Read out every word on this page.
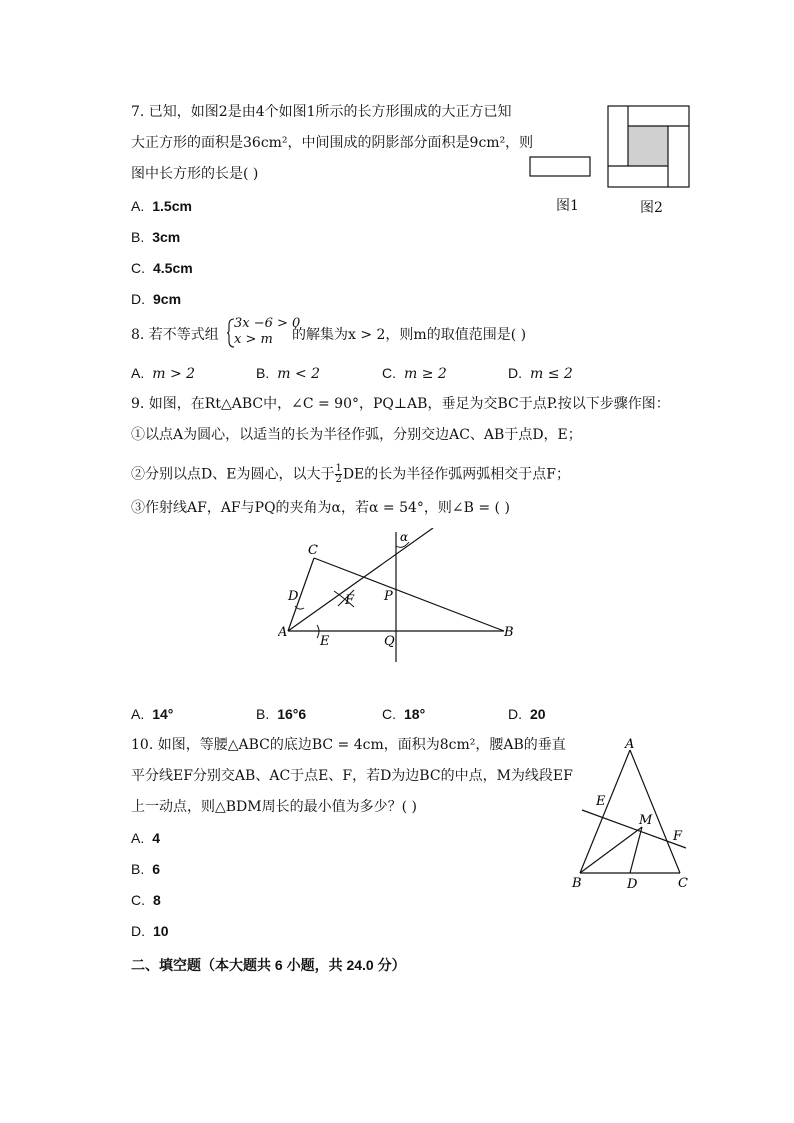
7. 已知，如图2是由4个如图1所示的长方形围成的大正方已知
大正方形的面积是36cm²，中间围成的阴影部分面积是9cm²，则
图中长方形的长是( )
图1	图2
A. 1.5cm
B. 3cm
C. 4.5cm
D. 9cm
8. 若不等式组
3x −6 > 0
x > m 的解集为x > 2，则m的取值范围是( )
A. m > 2	B. m < 2	C. m ≥ 2	D. m ≤ 2
9. 如图，在Rt△ABC中，∠C = 90°，PQ⊥AB，垂足为交BC于点P.按以下步骤作图：
①以点A为圆心，以适当的长为半径作弧，分别交边AC、AB于点D，E；
②分别以点D、E为圆心，以大于 $\frac{1}{2}$ DE的长为半径作弧两弧相交于点F；
③作射线AF，AF与PQ的夹角为α，若α = 54°，则∠B = ( )
C
α
D	F P
A
E	Q
B
A. 14°	B. 16°6	C. 18°	D. 20
10. 如图，等腰△ABC的底边BC = 4cm，面积为8cm²，腰AB的垂直
平分线EF分别交AB、AC于点E、F，若D为边BC的中点，M为线段EF
上一动点，则△BDM周长的最小值为多少？( )
A
E
M
F
B	D	C
A. 4
B. 6
C. 8
D. 10
二、填空题（本大题共 6 小题，共 24.0 分）
